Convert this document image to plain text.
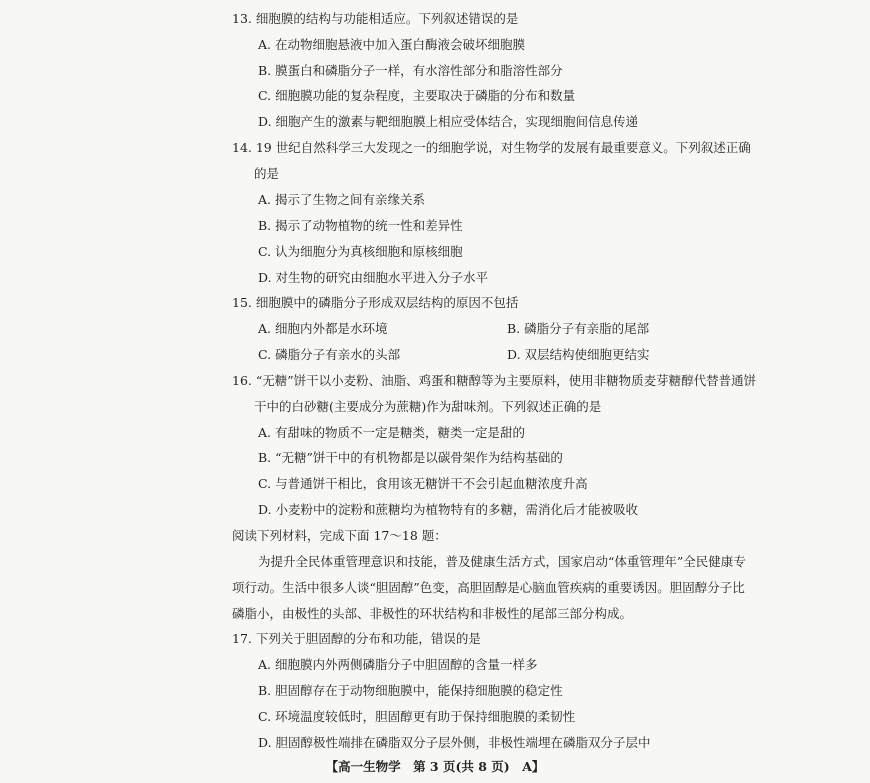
13. 细胞膜的结构与功能相适应。下列叙述错误的是
A. 在动物细胞悬液中加入蛋白酶液会破坏细胞膜
B. 膜蛋白和磷脂分子一样，有水溶性部分和脂溶性部分
C. 细胞膜功能的复杂程度，主要取决于磷脂的分布和数量
D. 细胞产生的激素与靶细胞膜上相应受体结合，实现细胞间信息传递
14. 19 世纪自然科学三大发现之一的细胞学说，对生物学的发展有最重要意义。下列叙述正确
的是
A. 揭示了生物之间有亲缘关系
B. 揭示了动物植物的统一性和差异性
C. 认为细胞分为真核细胞和原核细胞
D. 对生物的研究由细胞水平进入分子水平
15. 细胞膜中的磷脂分子形成双层结构的原因不包括
A. 细胞内外都是水环境	B. 磷脂分子有亲脂的尾部
C. 磷脂分子有亲水的头部	D. 双层结构使细胞更结实
16. “无糖”饼干以小麦粉、油脂、鸡蛋和糖醇等为主要原料，使用非糖物质麦芽糖醇代替普通饼
干中的白砂糖(主要成分为蔗糖)作为甜味剂。下列叙述正确的是
A. 有甜味的物质不一定是糖类，糖类一定是甜的
B. “无糖”饼干中的有机物都是以碳骨架作为结构基础的
C. 与普通饼干相比，食用该无糖饼干不会引起血糖浓度升高
D. 小麦粉中的淀粉和蔗糖均为植物特有的多糖，需消化后才能被吸收
阅读下列材料，完成下面 17～18 题：
为提升全民体重管理意识和技能，普及健康生活方式，国家启动“体重管理年”全民健康专
项行动。生活中很多人谈“胆固醇”色变，高胆固醇是心脑血管疾病的重要诱因。胆固醇分子比
磷脂小，由极性的头部、非极性的环状结构和非极性的尾部三部分构成。
17. 下列关于胆固醇的分布和功能，错误的是
A. 细胞膜内外两侧磷脂分子中胆固醇的含量一样多
B. 胆固醇存在于动物细胞膜中，能保持细胞膜的稳定性
C. 环境温度较低时，胆固醇更有助于保持细胞膜的柔韧性
D. 胆固醇极性端排在磷脂双分子层外侧，非极性端埋在磷脂双分子层中
【高一生物学　第 3 页(共 8 页)　A】
